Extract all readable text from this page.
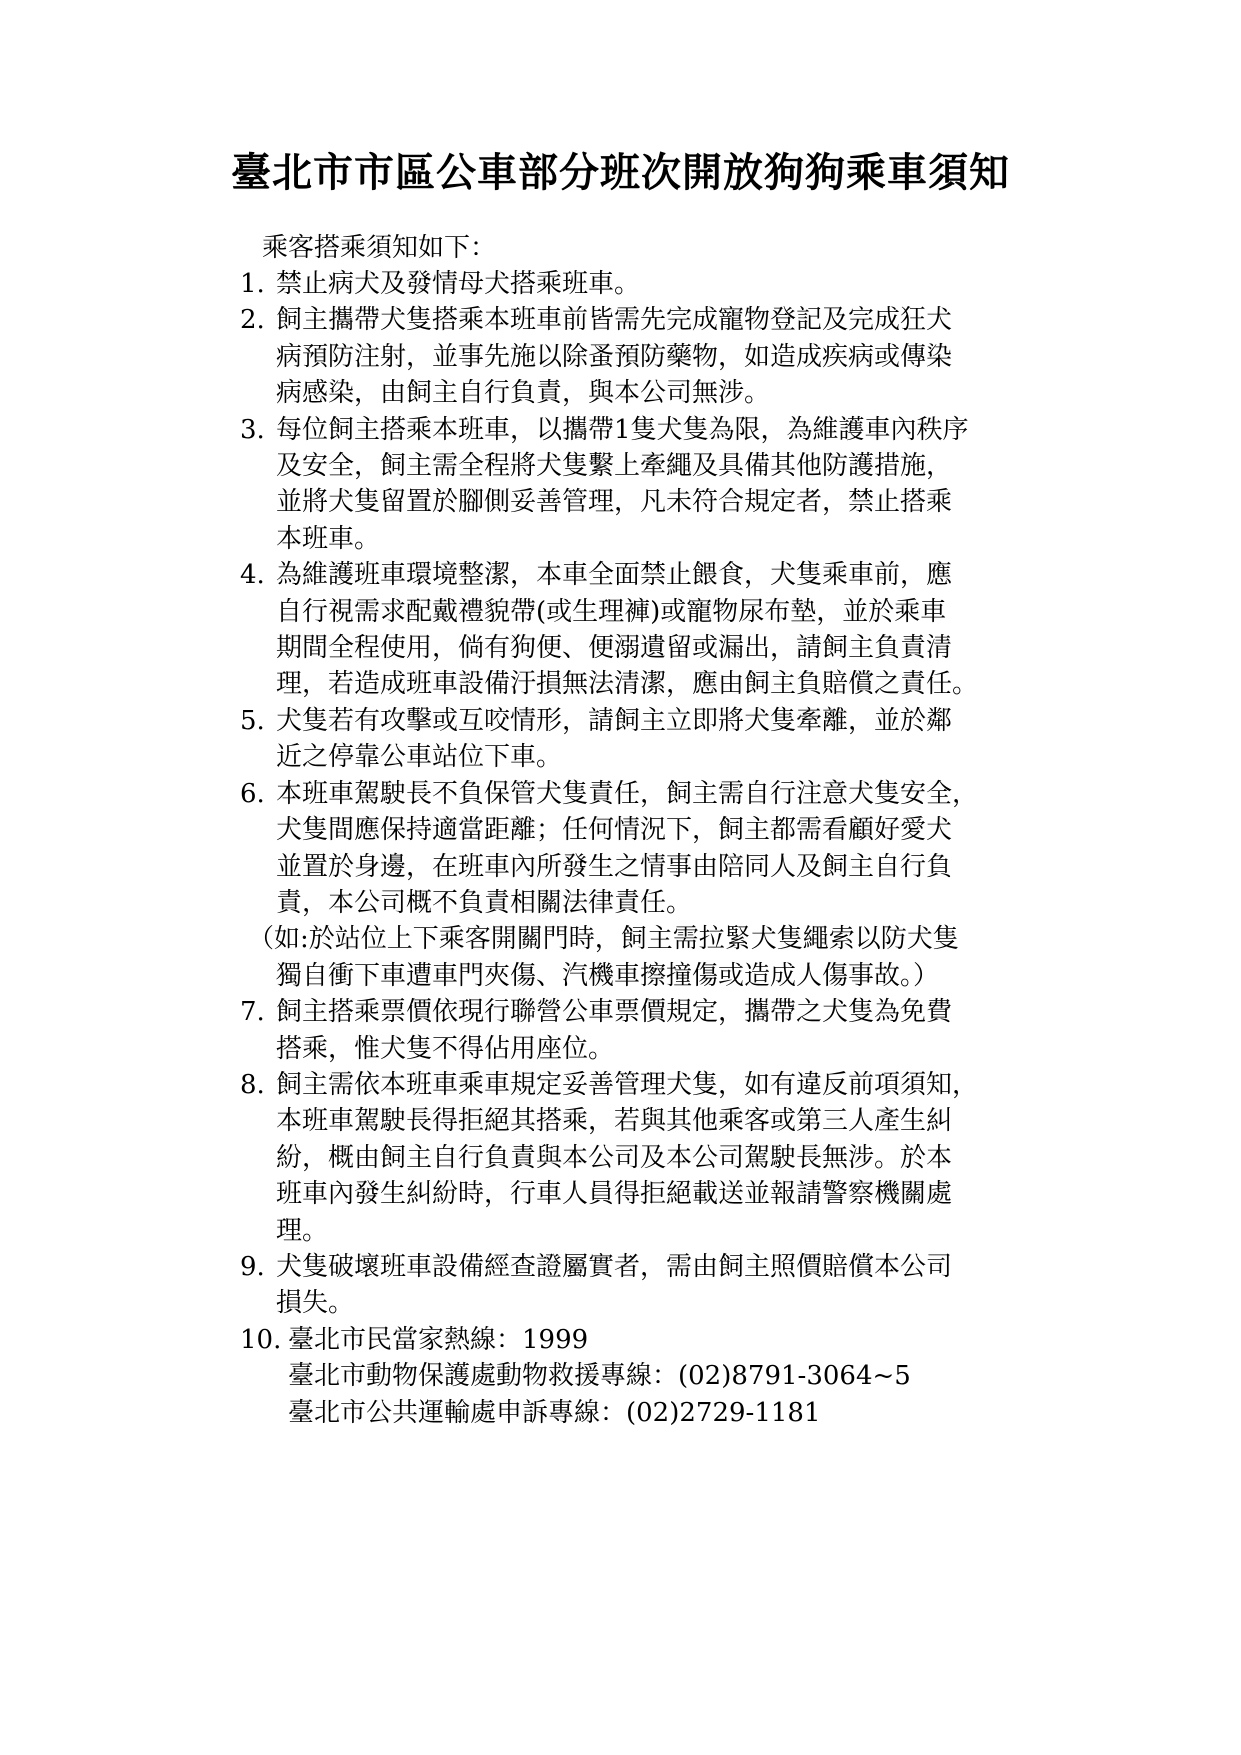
臺北市市區公車部分班次開放狗狗乘車須知
乘客搭乘須知如下：
1. 禁止病犬及發情母犬搭乘班車。
2. 飼主攜帶犬隻搭乘本班車前皆需先完成寵物登記及完成狂犬
病預防注射，並事先施以除蚤預防藥物，如造成疾病或傳染
病感染，由飼主自行負責，與本公司無涉。
3. 每位飼主搭乘本班車，以攜帶1隻犬隻為限，為維護車內秩序
及安全，飼主需全程將犬隻繫上牽繩及具備其他防護措施，
並將犬隻留置於腳側妥善管理，凡未符合規定者，禁止搭乘
本班車。
4. 為維護班車環境整潔，本車全面禁止餵食，犬隻乘車前，應
自行視需求配戴禮貌帶(或生理褲)或寵物尿布墊，並於乘車
期間全程使用，倘有狗便、便溺遺留或漏出，請飼主負責清
理，若造成班車設備汙損無法清潔，應由飼主負賠償之責任。
5. 犬隻若有攻擊或互咬情形，請飼主立即將犬隻牽離，並於鄰
近之停靠公車站位下車。
6. 本班車駕駛長不負保管犬隻責任，飼主需自行注意犬隻安全，
犬隻間應保持適當距離；任何情況下，飼主都需看顧好愛犬
並置於身邊，在班車內所發生之情事由陪同人及飼主自行負
責，本公司概不負責相關法律責任。
（如:於站位上下乘客開關門時，飼主需拉緊犬隻繩索以防犬隻
獨自衝下車遭車門夾傷、汽機車擦撞傷或造成人傷事故。）
7. 飼主搭乘票價依現行聯營公車票價規定，攜帶之犬隻為免費
搭乘，惟犬隻不得佔用座位。
8. 飼主需依本班車乘車規定妥善管理犬隻，如有違反前項須知，
本班車駕駛長得拒絕其搭乘，若與其他乘客或第三人產生糾
紛，概由飼主自行負責與本公司及本公司駕駛長無涉。於本
班車內發生糾紛時，行車人員得拒絕載送並報請警察機關處
理。
9. 犬隻破壞班車設備經查證屬實者，需由飼主照價賠償本公司
損失。
10. 臺北市民當家熱線：1999
臺北市動物保護處動物救援專線：(02)8791-3064~5
臺北市公共運輸處申訴專線：(02)2729-1181
